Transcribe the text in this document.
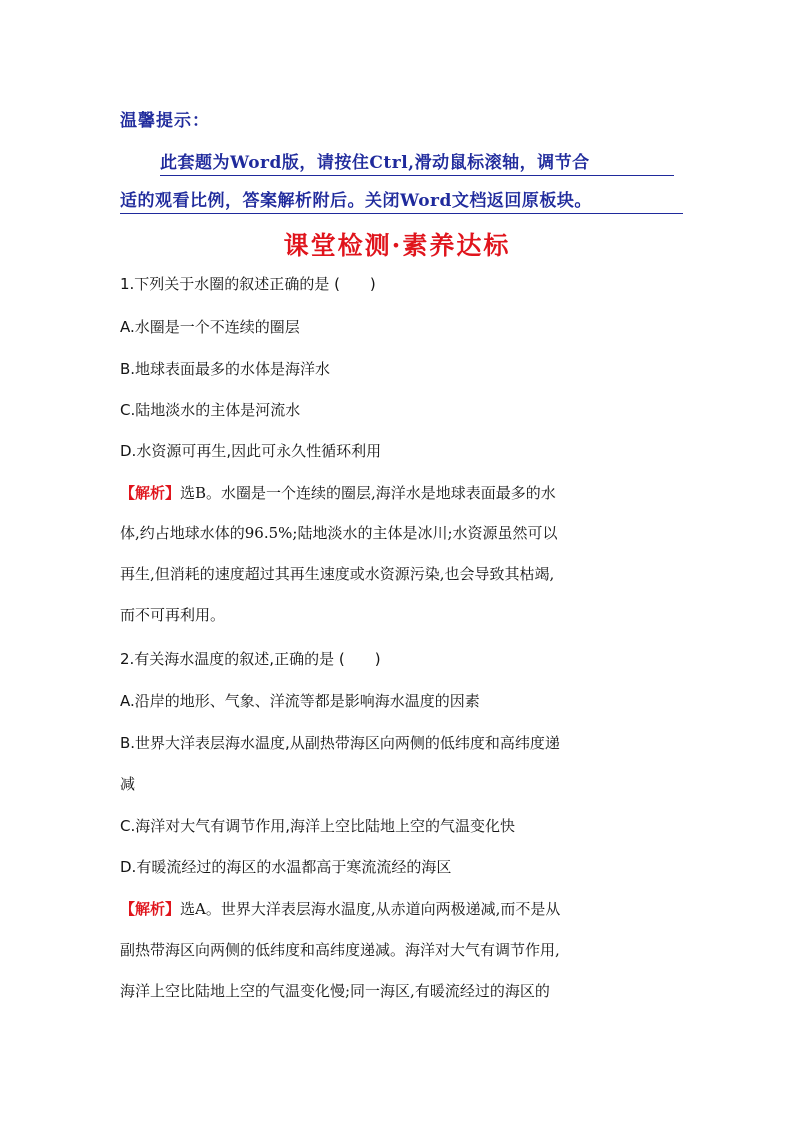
温馨提示：
此套题为Word版，请按住Ctrl,滑动鼠标滚轴，调节合
适的观看比例，答案解析附后。关闭Word文档返回原板块。
课堂检测·素养达标
1.下列关于水圈的叙述正确的是 (　　)
A.水圈是一个不连续的圈层
B.地球表面最多的水体是海洋水
C.陆地淡水的主体是河流水
D.水资源可再生,因此可永久性循环利用
【解析】选B。水圈是一个连续的圈层,海洋水是地球表面最多的水
体,约占地球水体的96.5%;陆地淡水的主体是冰川;水资源虽然可以
再生,但消耗的速度超过其再生速度或水资源污染,也会导致其枯竭,
而不可再利用。
2.有关海水温度的叙述,正确的是 (　　)
A.沿岸的地形、气象、洋流等都是影响海水温度的因素
B.世界大洋表层海水温度,从副热带海区向两侧的低纬度和高纬度递
减
C.海洋对大气有调节作用,海洋上空比陆地上空的气温变化快
D.有暖流经过的海区的水温都高于寒流流经的海区
【解析】选A。世界大洋表层海水温度,从赤道向两极递减,而不是从
副热带海区向两侧的低纬度和高纬度递减。海洋对大气有调节作用,
海洋上空比陆地上空的气温变化慢;同一海区,有暖流经过的海区的
